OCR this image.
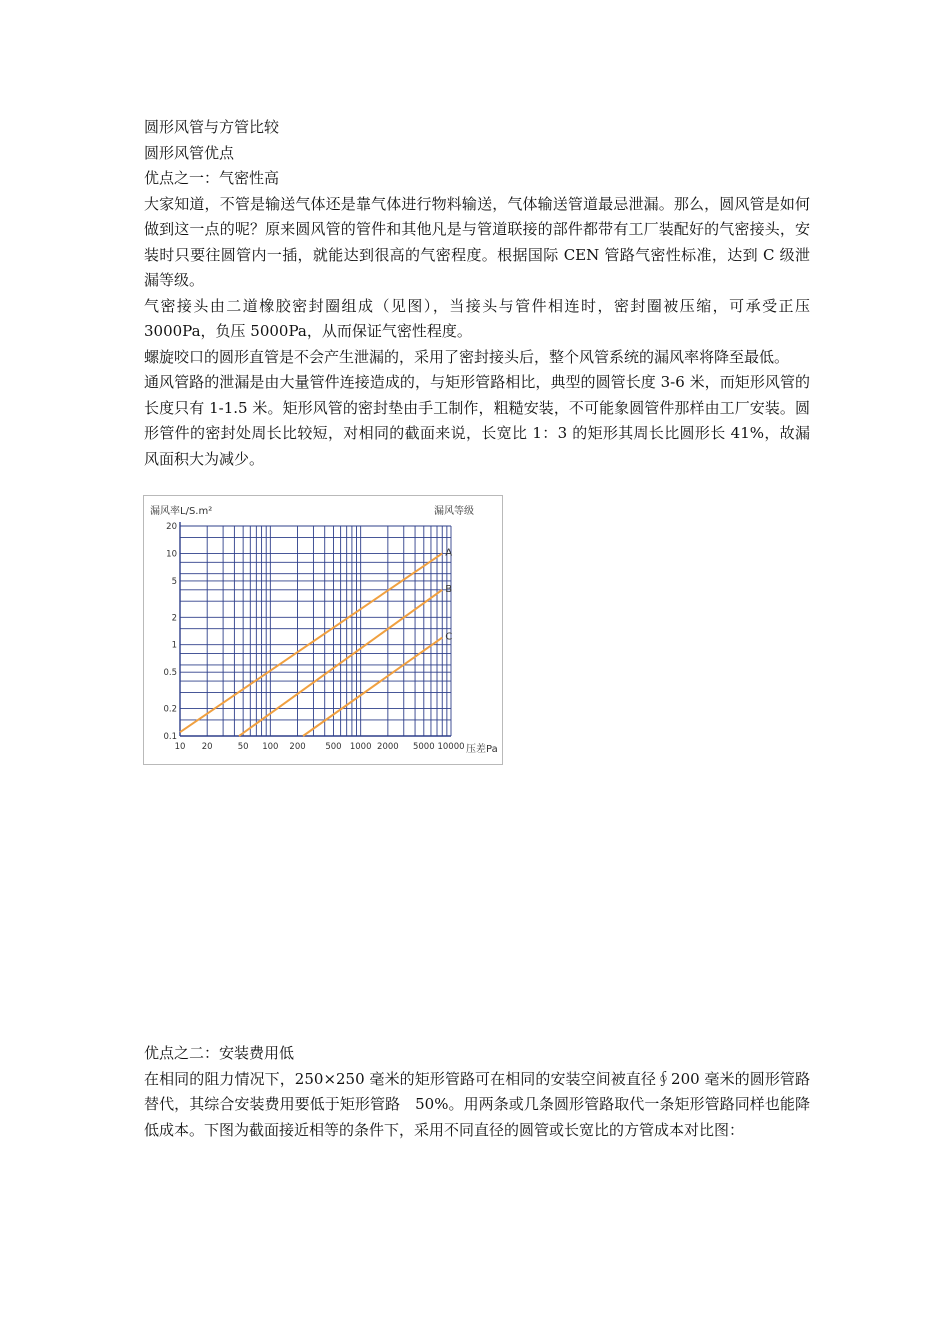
圆形风管与方管比较

圆形风管优点

优点之一：气密性高

大家知道，不管是输送气体还是靠气体进行物料输送，气体输送管道最忌泄漏。那么，圆风管是如何做到这一点的呢？原来圆风管的管件和其他凡是与管道联接的部件都带有工厂装配好的气密接头，安装时只要往圆管内一插，就能达到很高的气密程度。根据国际 CEN 管路气密性标准，达到 C 级泄漏等级。

气密接头由二道橡胶密封圈组成（见图），当接头与管件相连时，密封圈被压缩，可承受正压 3000Pa，负压 5000Pa，从而保证气密性程度。

螺旋咬口的圆形直管是不会产生泄漏的，采用了密封接头后，整个风管系统的漏风率将降至最低。

通风管路的泄漏是由大量管件连接造成的，与矩形管路相比，典型的圆管长度 3-6 米，而矩形风管的长度只有 1-1.5 米。矩形风管的密封垫由手工制作，粗糙安装，不可能象圆管件那样由工厂安装。圆形管件的密封处周长比较短，对相同的截面来说，长宽比 1：3 的矩形其周长比圆形长 41%，故漏风面积大为减少。

A
B
C
10 20	50 100 200 500 1000 2000 5000 10000
0.1
0.2
0.5
1
2
5
10
20
漏风率L/S.m²	漏风等级
压差Pa

优点之二：安装费用低

在相同的阻力情况下，250×250 毫米的矩形管路可在相同的安装空间被直径∮200 毫米的圆形管路替代，其综合安装费用要低于矩形管路　50%。用两条或几条圆形管路取代一条矩形管路同样也能降低成本。下图为截面接近相等的条件下，采用不同直径的圆管或长宽比的方管成本对比图：
